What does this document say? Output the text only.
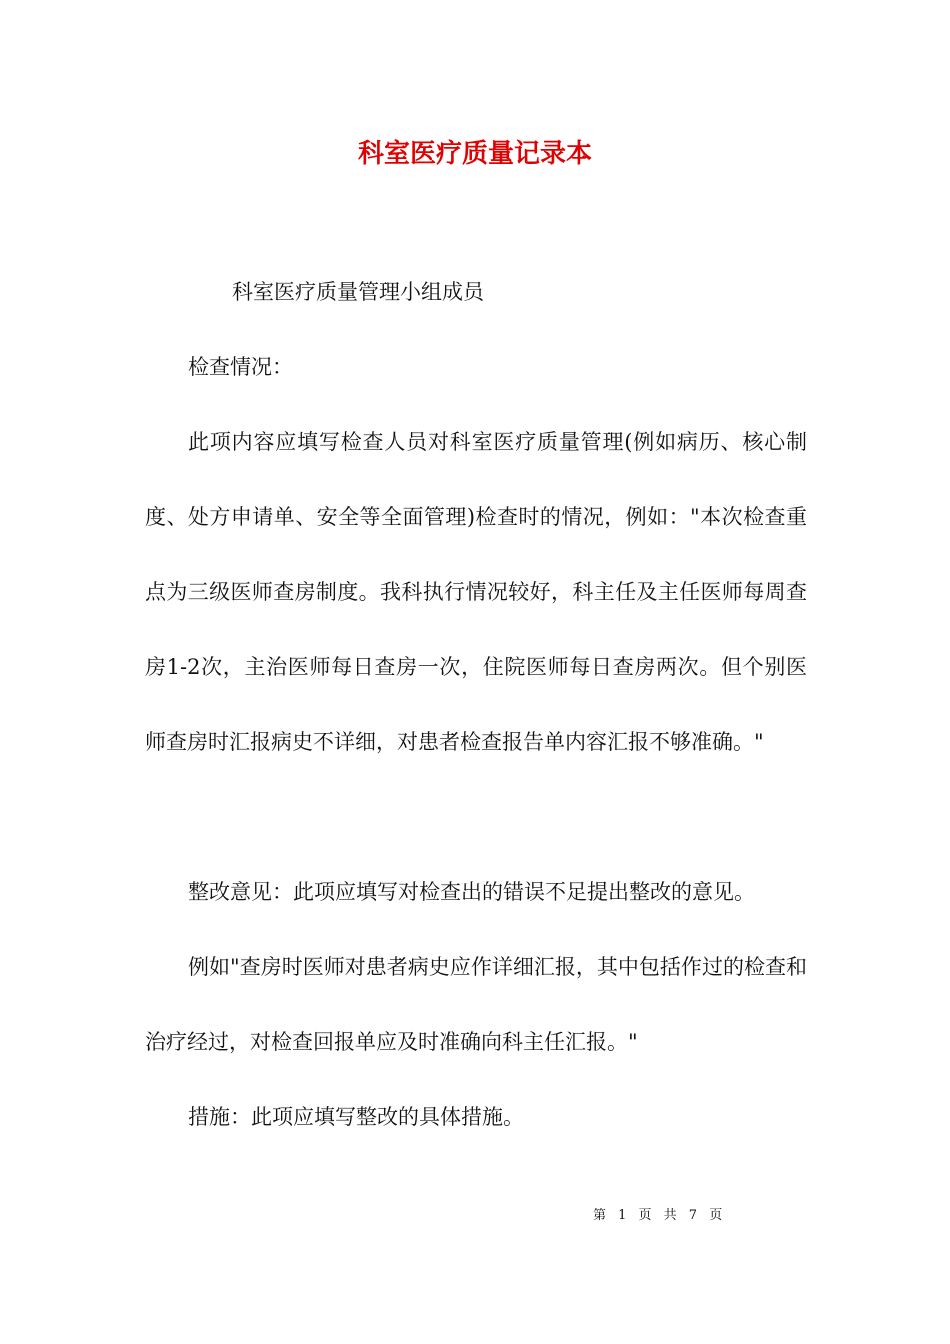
科室医疗质量记录本

科室医疗质量管理小组成员

检查情况：

此项内容应填写检查人员对科室医疗质量管理(例如病历、核心制度、处方申请单、安全等全面管理)检查时的情况，例如："本次检查重点为三级医师查房制度。我科执行情况较好，科主任及主任医师每周查房1-2次，主治医师每日查房一次，住院医师每日查房两次。但个别医师查房时汇报病史不详细，对患者检查报告单内容汇报不够准确。"

整改意见：此项应填写对检查出的错误不足提出整改的意见。

例如"查房时医师对患者病史应作详细汇报，其中包括作过的检查和治疗经过，对检查回报单应及时准确向科主任汇报。"

措施：此项应填写整改的具体措施。

第 1 页 共 7 页
